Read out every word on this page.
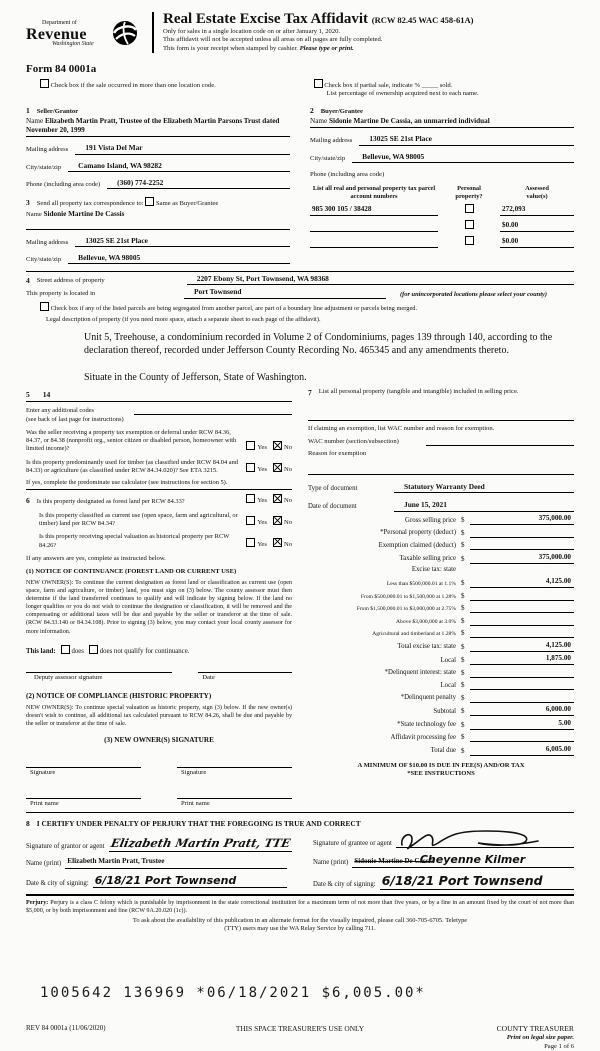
Department of
Revenue
Washington State
Form 84 0001a
Real Estate Excise Tax Affidavit (RCW 82.45 WAC 458-61A)
Only for sales in a single location code on or after January 1, 2020.
This affidavit will not be accepted unless all areas on all pages are fully completed.
This form is your receipt when stamped by cashier. Please type or print.
Check box if the sale occurred in more than one location code.	Check box if partial sale, indicate % _____ sold.
List percentage of ownership acquired next to each name.
1 Seller/Grantor
Name Elizabeth Martin Pratt, Trustee of the Elizabeth Martin Parsons Trust dated November 20, 1999
Mailing address	191 Vista Del Mar
City/state/zip	Camano Island, WA 98282
Phone (including area code)	(360) 774-2252
3 Send all property tax correspondence to: Same as Buyer/Grantee
Name Sidonie Martine De Cassis
Mailing address	13025 SE 21st Place
City/state/zip	Bellevue, WA 98005
2 Buyer/Grantee
Name Sidonie Martine De Cassia, an unmarried individual
Mailing address	13025 SE 21st Place
City/state/zip	Bellevue, WA 98005
Phone (including area code)
List all real and personal property tax parcel account numbers
Personal
property?
Assessed
value(s)
985 300 105 / 38428	272,093
$0.00
$0.00
4	Street address of property	2207 Ebony St, Port Townsend, WA 98368
This property is located in	Port Townsend	(for unincorporated locations please select your county)
Check box if any of the listed parcels are being segregated from another parcel, are part of a boundary line adjustment or parcels being merged.
Legal description of property (if you need more space, attach a separate sheet to each page of the affidavit).
Unit 5, Treehouse, a condominium recorded in Volume 2 of Condominiums, pages 139 through 140, according to the declaration thereof, recorded under Jefferson County Recording No. 465345 and any amendments thereto.
Situate in the County of Jefferson, State of Washington.
5	14
Enter any additional codes
(see back of last page for instructions)
Was the seller receiving a property tax exemption or deferral under RCW 84.36, 84.37, or 84.38 (nonprofit org., senior citizen or disabled person, homeowner with limited income)?	Yes	No
Is this property predominantly used for timber (as classified under RCW 84.04 and 84.33) or agriculture (as classified under RCW 84.34.020)? See ETA 3215.	Yes	No
If yes, complete the predominate use calculator (see instructions for section 5).
6 Is this property designated as forest land per RCW 84.33?	Yes	No
Is this property classified as current use (open space, farm and agricultural, or timber) land per RCW 84.34?	Yes	No
Is this property receiving special valuation as historical property per RCW 84.26?	Yes	No
If any answers are yes, complete as instructed below.
(1) NOTICE OF CONTINUANCE (FOREST LAND OR CURRENT USE)
NEW OWNER(S): To continue the current designation as forest land or classification as current use (open space, farm and agriculture, or timber) land, you must sign on (3) below. The county assessor must then determine if the land transferred continues to qualify and will indicate by signing below. If the land no longer qualifies or you do not wish to continue the designation or classification, it will be removed and the compensating or additional taxes will be due and payable by the seller or transferor at the time of sale. (RCW 84.33.140 or 84.34.108). Prior to signing (3) below, you may contact your local county assessor for more information.
This land: does does not qualify for continuance.
Deputy assessor signature	Date
(2) NOTICE OF COMPLIANCE (HISTORIC PROPERTY)
NEW OWNER(S): To continue special valuation as historic property, sign (3) below. If the new owner(s) doesn't wish to continue, all additional tax calculated pursuant to RCW 84.26, shall be due and payable by the seller or transferor at the time of sale.
(3) NEW OWNER(S) SIGNATURE
Signature	Signature
Print name	Print name
7	List all personal property (tangible and intangible) included in selling price.
If claiming an exemption, list WAC number and reason for exemption.
WAC number (section/subsection)
Reason for exemption
Type of document	Statutory Warranty Deed
Date of document	June 15, 2021
Gross selling price $	375,000.00
*Personal property (deduct) $
Exemption claimed (deduct) $
Taxable selling price $	375,000.00
Excise tax: state
Less than $500,000.01 at 1.1% $	4,125.00
From $500,000.01 to $1,500,000 at 1.28% $
From $1,500,000.01 to $3,000,000 at 2.75% $
Above $3,000,000 at 3.0% $
Agricultural and timberland at 1.28% $
Total excise tax: state $	4,125.00
Local $	1,875.00
*Delinquent interest: state $
Local $
*Delinquent penalty $
Subtotal $	6,000.00
*State technology fee $	5.00
Affidavit processing fee $
Total due $	6,005.00
A MINIMUM OF $10.00 IS DUE IN FEE(S) AND/OR TAX
*SEE INSTRUCTIONS
8 I CERTIFY UNDER PENALTY OF PERJURY THAT THE FOREGOING IS TRUE AND CORRECT
Signature of grantor or agent Elizabeth Martin Pratt, TTE
Name (print) Elizabeth Martin Pratt, Trustee
Date & city of signing: 6/18/21 Port Townsend
Signature of grantee or agent
Name (print) Sidonie Martine De CassiaCheyenne Kilmer
Date & city of signing: 6/18/21 Port Townsend
Perjury: Perjury is a class C felony which is punishable by imprisonment in the state correctional institution for a maximum term of not more than five years, or by a fine in an amount fixed by the court of not more than $5,000, or by both imprisonment and fine (RCW 9A.20.020 (1c)).
To ask about the availability of this publication in an alternate format for the visually impaired, please call 360-705-6705. Teletype
(TTY) users may use the WA Relay Service by calling 711.
1005642 136969 *06/18/2021 $6,005.00*
REV 84 0001a (11/06/2020)	THIS SPACE TREASURER'S USE ONLY	COUNTY TREASURER
Print on legal size paper.
Page 1 of 6
